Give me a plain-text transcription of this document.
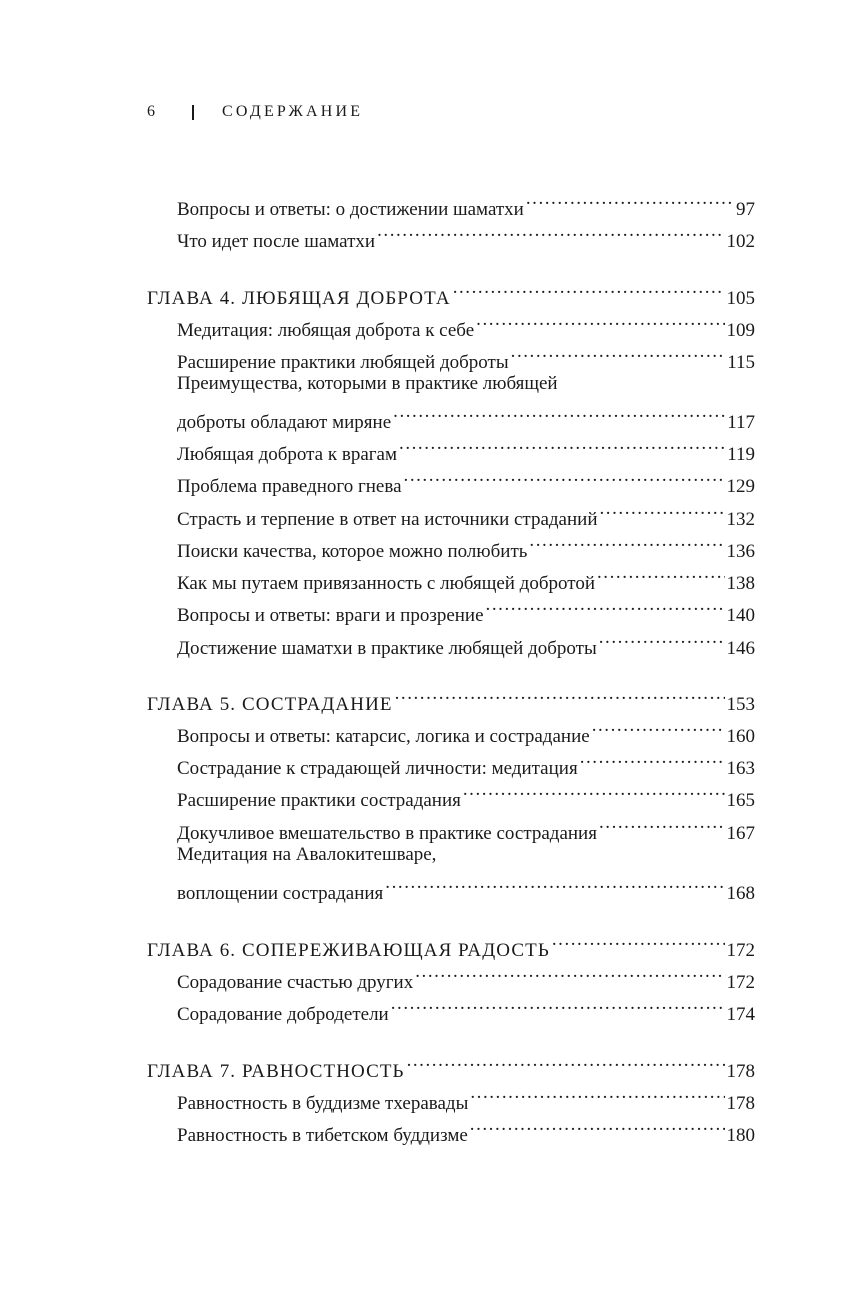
6	СОДЕРЖАНИЕ
Вопросы и ответы: о достижении шаматхи . . .	97
Что идет после шаматхи . . .	102
ГЛАВА 4. ЛЮБЯЩАЯ ДОБРОТА . . .	105
Медитация: любящая доброта к себе . . .	109
Расширение практики любящей доброты . . .	115
Преимущества, которыми в практике любящей
доброты обладают миряне . . .	117
Любящая доброта к врагам . . .	119
Проблема праведного гнева . . .	129
Страсть и терпение в ответ на источники страданий . . .	132
Поиски качества, которое можно полюбить . . .	136
Как мы путаем привязанность с любящей добротой . . .	138
Вопросы и ответы: враги и прозрение . . .	140
Достижение шаматхи в практике любящей доброты . . .	146
ГЛАВА 5. СОСТРАДАНИЕ . . .	153
Вопросы и ответы: катарсис, логика и сострадание . . .	160
Сострадание к страдающей личности: медитация . . .	163
Расширение практики сострадания . . .	165
Докучливое вмешательство в практике сострадания . . .	167
Медитация на Авалокитешваре,
воплощении сострадания . . .	168
ГЛАВА 6. СОПЕРЕЖИВАЮЩАЯ РАДОСТЬ . . .	172
Сорадование счастью других . . .	172
Сорадование добродетели . . .	174
ГЛАВА 7. РАВНОСТНОСТЬ . . .	178
Равностность в буддизме тхеравады . . .	178
Равностность в тибетском буддизме . . .	180
